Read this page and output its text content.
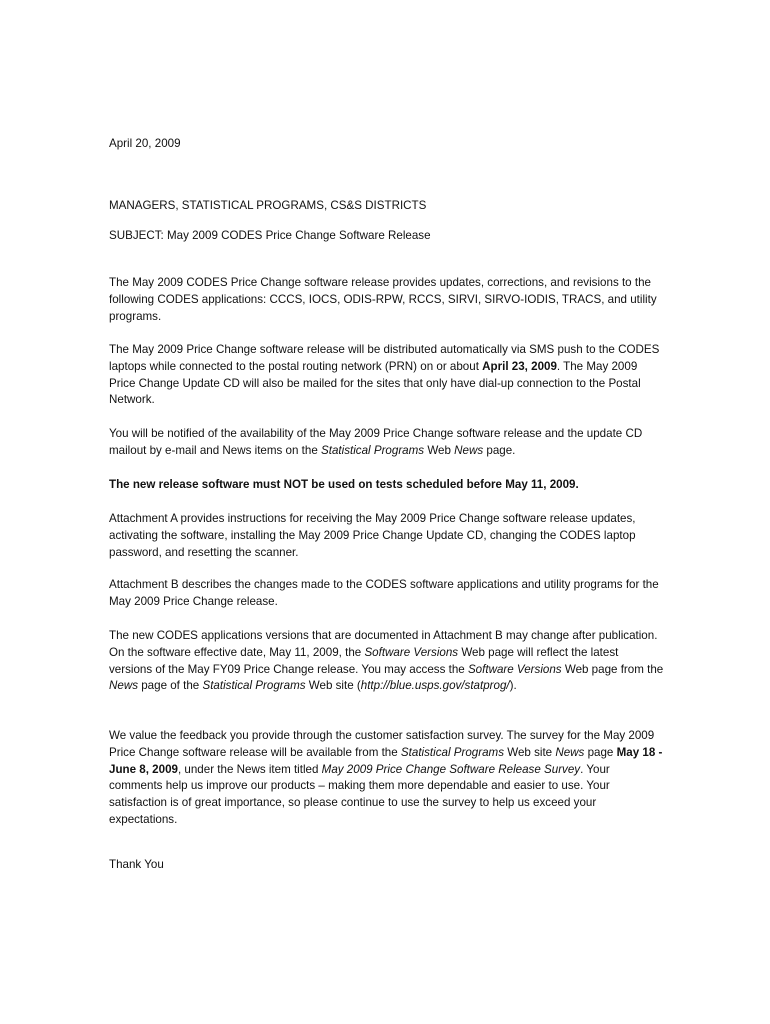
April 20, 2009

MANAGERS, STATISTICAL PROGRAMS, CS&S DISTRICTS

SUBJECT: May 2009 CODES Price Change Software Release

The May 2009 CODES Price Change software release provides updates, corrections, and revisions to the following CODES applications: CCCS, IOCS, ODIS-RPW, RCCS, SIRVI, SIRVO-IODIS, TRACS, and utility programs.

The May 2009 Price Change software release will be distributed automatically via SMS push to the CODES laptops while connected to the postal routing network (PRN) on or about April 23, 2009. The May 2009 Price Change Update CD will also be mailed for the sites that only have dial-up connection to the Postal Network.

You will be notified of the availability of the May 2009 Price Change software release and the update CD mailout by e-mail and News items on the Statistical Programs Web News page.

The new release software must NOT be used on tests scheduled before May 11, 2009.

Attachment A provides instructions for receiving the May 2009 Price Change software release updates, activating the software, installing the May 2009 Price Change Update CD, changing the CODES laptop password, and resetting the scanner.

Attachment B describes the changes made to the CODES software applications and utility programs for the May 2009 Price Change release.

The new CODES applications versions that are documented in Attachment B may change after publication. On the software effective date, May 11, 2009, the Software Versions Web page will reflect the latest versions of the May FY09 Price Change release. You may access the Software Versions Web page from the News page of the Statistical Programs Web site (http://blue.usps.gov/statprog/).

We value the feedback you provide through the customer satisfaction survey. The survey for the May 2009 Price Change software release will be available from the Statistical Programs Web site News page May 18 - June 8, 2009, under the News item titled May 2009 Price Change Software Release Survey. Your comments help us improve our products – making them more dependable and easier to use. Your satisfaction is of great importance, so please continue to use the survey to help us exceed your expectations.

Thank You
